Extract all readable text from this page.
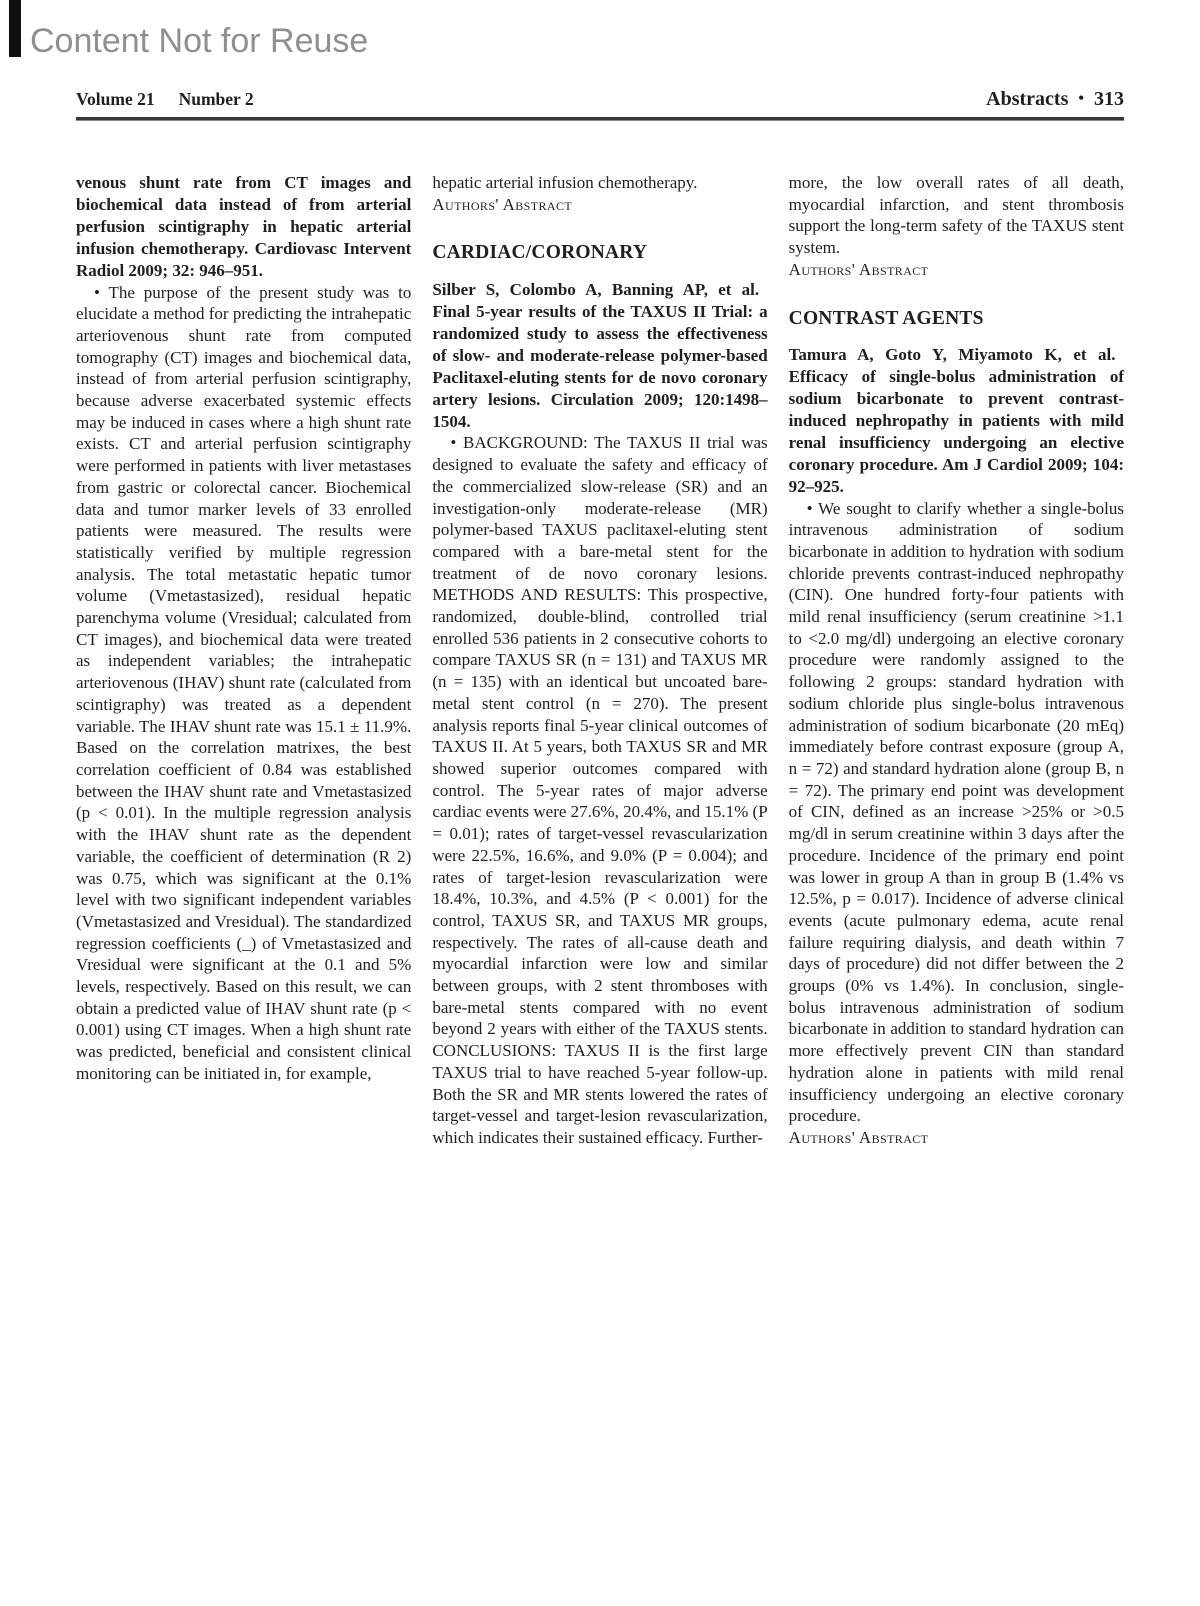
Content Not for Reuse
Volume 21 Number 2	Abstracts • 313

venous shunt rate from CT images and biochemical data instead of from arterial perfusion scintigraphy in hepatic arterial infusion chemotherapy. Cardiovasc Intervent Radiol 2009; 32: 946–951.

• The purpose of the present study was to elucidate a method for predicting the intrahepatic arteriovenous shunt rate from computed tomography (CT) images and biochemical data, instead of from arterial perfusion scintigraphy, because adverse exacerbated systemic effects may be induced in cases where a high shunt rate exists. CT and arterial perfusion scintigraphy were performed in patients with liver metastases from gastric or colorectal cancer. Biochemical data and tumor marker levels of 33 enrolled patients were measured. The results were statistically verified by multiple regression analysis. The total metastatic hepatic tumor volume (Vmetastasized), residual hepatic parenchyma volume (Vresidual; calculated from CT images), and biochemical data were treated as independent variables; the intrahepatic arteriovenous (IHAV) shunt rate (calculated from scintigraphy) was treated as a dependent variable. The IHAV shunt rate was 15.1 ± 11.9%. Based on the correlation matrixes, the best correlation coefficient of 0.84 was established between the IHAV shunt rate and Vmetastasized (p < 0.01). In the multiple regression analysis with the IHAV shunt rate as the dependent variable, the coefficient of determination (R 2) was 0.75, which was significant at the 0.1% level with two significant independent variables (Vmetastasized and Vresidual). The standardized regression coefficients (_) of Vmetastasized and Vresidual were significant at the 0.1 and 5% levels, respectively. Based on this result, we can obtain a predicted value of IHAV shunt rate (p < 0.001) using CT images. When a high shunt rate was predicted, beneficial and consistent clinical monitoring can be initiated in, for example,

hepatic arterial infusion chemotherapy.

Authors' Abstract

CARDIAC/CORONARY

Silber S, Colombo A, Banning AP, et al.  Final 5-year results of the TAXUS II Trial: a randomized study to assess the effectiveness of slow- and moderate-release polymer-based Paclitaxel-eluting stents for de novo coronary artery lesions. Circulation 2009; 120:1498–1504.

• BACKGROUND: The TAXUS II trial was designed to evaluate the safety and efficacy of the commercialized slow-release (SR) and an investigation-only moderate-release (MR) polymer-based TAXUS paclitaxel-eluting stent compared with a bare-metal stent for the treatment of de novo coronary lesions. METHODS AND RESULTS: This prospective, randomized, double-blind, controlled trial enrolled 536 patients in 2 consecutive cohorts to compare TAXUS SR (n = 131) and TAXUS MR (n = 135) with an identical but uncoated bare-metal stent control (n = 270). The present analysis reports final 5-year clinical outcomes of TAXUS II. At 5 years, both TAXUS SR and MR showed superior outcomes compared with control. The 5-year rates of major adverse cardiac events were 27.6%, 20.4%, and 15.1% (P = 0.01); rates of target-vessel revascularization were 22.5%, 16.6%, and 9.0% (P = 0.004); and rates of target-lesion revascularization were 18.4%, 10.3%, and 4.5% (P < 0.001) for the control, TAXUS SR, and TAXUS MR groups, respectively. The rates of all-cause death and myocardial infarction were low and similar between groups, with 2 stent thromboses with bare-metal stents compared with no event beyond 2 years with either of the TAXUS stents. CONCLUSIONS: TAXUS II is the first large TAXUS trial to have reached 5-year follow-up. Both the SR and MR stents lowered the rates of target-vessel and target-lesion revascularization, which indicates their sustained efficacy. Further-

more, the low overall rates of all death, myocardial infarction, and stent thrombosis support the long-term safety of the TAXUS stent system.

Authors' Abstract

CONTRAST AGENTS

Tamura A, Goto Y, Miyamoto K, et al.  Efficacy of single-bolus administration of sodium bicarbonate to prevent contrast-induced nephropathy in patients with mild renal insufficiency undergoing an elective coronary procedure. Am J Cardiol 2009; 104: 92–925.

• We sought to clarify whether a single-bolus intravenous administration of sodium bicarbonate in addition to hydration with sodium chloride prevents contrast-induced nephropathy (CIN). One hundred forty-four patients with mild renal insufficiency (serum creatinine >1.1 to <2.0 mg/dl) undergoing an elective coronary procedure were randomly assigned to the following 2 groups: standard hydration with sodium chloride plus single-bolus intravenous administration of sodium bicarbonate (20 mEq) immediately before contrast exposure (group A, n = 72) and standard hydration alone (group B, n = 72). The primary end point was development of CIN, defined as an increase >25% or >0.5 mg/dl in serum creatinine within 3 days after the procedure. Incidence of the primary end point was lower in group A than in group B (1.4% vs 12.5%, p = 0.017). Incidence of adverse clinical events (acute pulmonary edema, acute renal failure requiring dialysis, and death within 7 days of procedure) did not differ between the 2 groups (0% vs 1.4%). In conclusion, single-bolus intravenous administration of sodium bicarbonate in addition to standard hydration can more effectively prevent CIN than standard hydration alone in patients with mild renal insufficiency undergoing an elective coronary procedure.

Authors' Abstract
